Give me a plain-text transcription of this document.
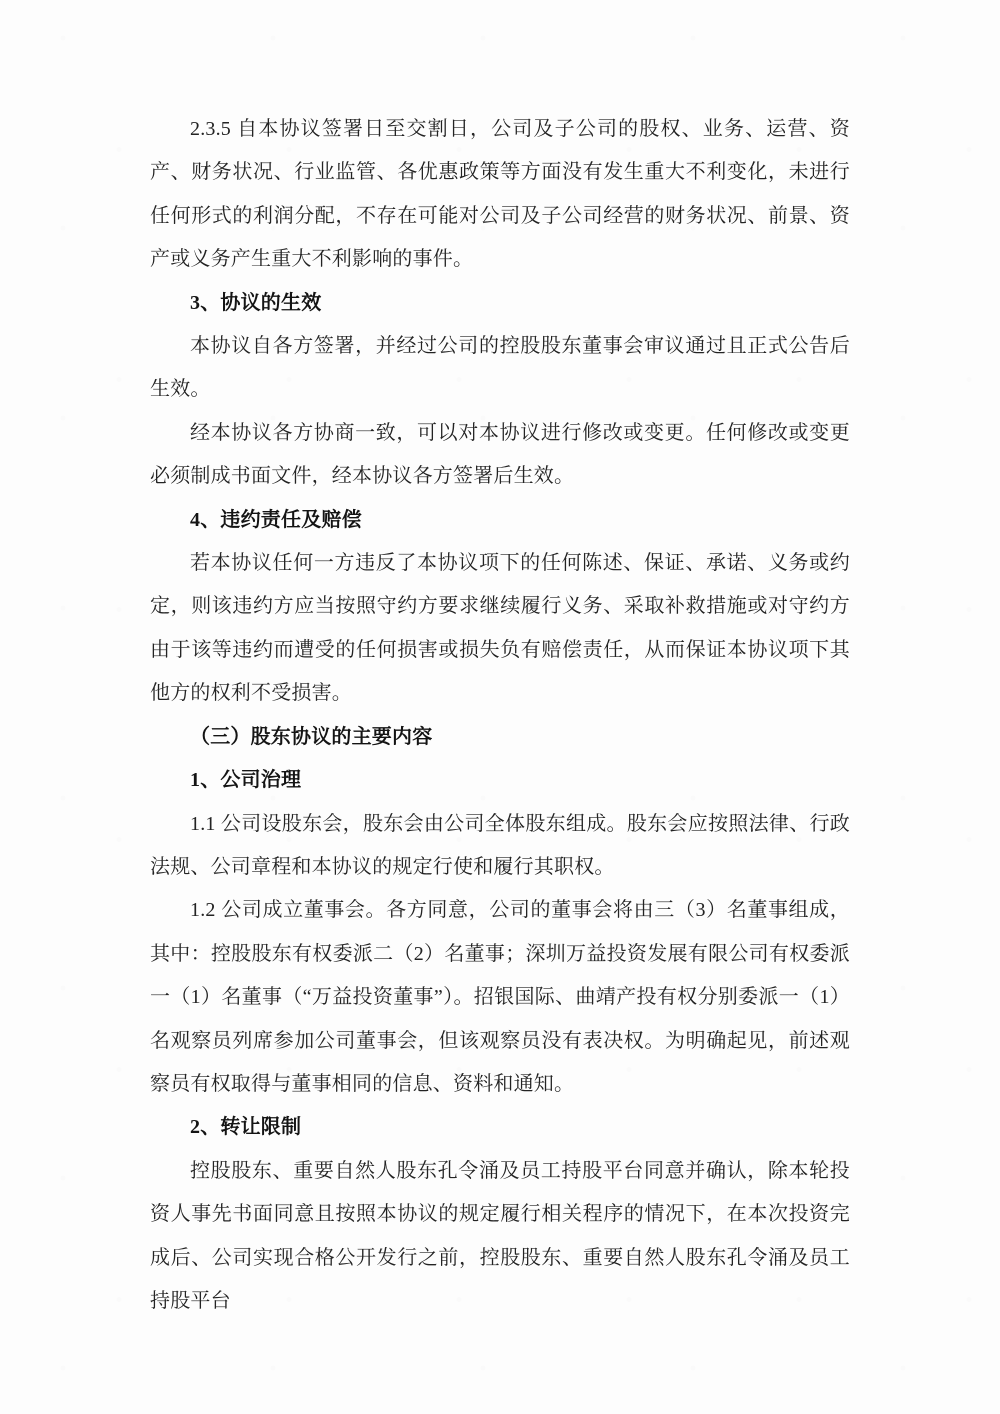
2.3.5 自本协议签署日至交割日，公司及子公司的股权、业务、运营、资产、财务状况、行业监管、各优惠政策等方面没有发生重大不利变化，未进行任何形式的利润分配，不存在可能对公司及子公司经营的财务状况、前景、资产或义务产生重大不利影响的事件。

3、协议的生效

本协议自各方签署，并经过公司的控股股东董事会审议通过且正式公告后生效。

经本协议各方协商一致，可以对本协议进行修改或变更。任何修改或变更必须制成书面文件，经本协议各方签署后生效。

4、违约责任及赔偿

若本协议任何一方违反了本协议项下的任何陈述、保证、承诺、义务或约定，则该违约方应当按照守约方要求继续履行义务、采取补救措施或对守约方由于该等违约而遭受的任何损害或损失负有赔偿责任，从而保证本协议项下其他方的权利不受损害。

（三）股东协议的主要内容
1、公司治理

1.1 公司设股东会，股东会由公司全体股东组成。股东会应按照法律、行政法规、公司章程和本协议的规定行使和履行其职权。

1.2 公司成立董事会。各方同意，公司的董事会将由三（3）名董事组成，其中：控股股东有权委派二（2）名董事；深圳万益投资发展有限公司有权委派一（1）名董事（“万益投资董事”）。招银国际、曲靖产投有权分别委派一（1）名观察员列席参加公司董事会，但该观察员没有表决权。为明确起见，前述观察员有权取得与董事相同的信息、资料和通知。

2、转让限制

控股股东、重要自然人股东孔令涌及员工持股平台同意并确认，除本轮投资人事先书面同意且按照本协议的规定履行相关程序的情况下，在本次投资完成后、公司实现合格公开发行之前，控股股东、重要自然人股东孔令涌及员工持股平台
